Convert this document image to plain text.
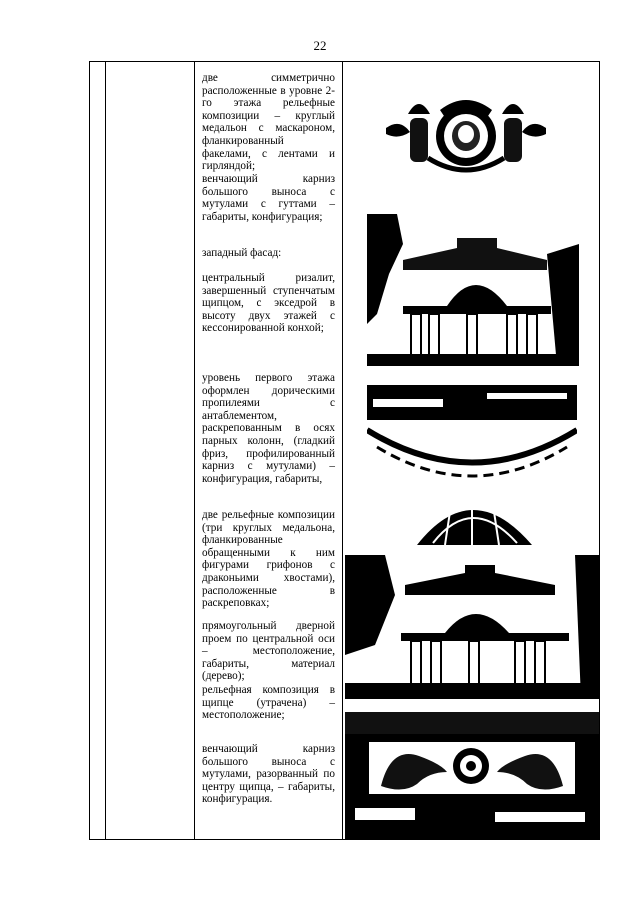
22

две симметрично расположенные в уровне 2-го этажа рельефные композиции – круглый медальон с маскароном, фланкированный факелами, с лентами и гирляндой;

венчающий карниз большого выноса с мутулами с гуттами – габариты, конфигурация;

западный фасад:

центральный ризалит, завершенный ступенчатым щипцом, с экседрой в высоту двух этажей с кессонированной конхой;

уровень первого этажа оформлен дорическими пропилеями с антаблементом, раскрепованным в осях парных колонн, (гладкий фриз, профилированный карниз с мутулами) – конфигурация, габариты,

две рельефные композиции (три круглых медальона, фланкированные обращенными к ним фигурами грифонов с драконьими хвостами), расположенные в раскреповках;

прямоугольный дверной проем по центральной оси – местоположение, габариты, материал (дерево);

рельефная композиция в щипце (утрачена) – местоположение;

венчающий карниз большого выноса с мутулами, разорванный по центру щипца, – габариты, конфигурация.
